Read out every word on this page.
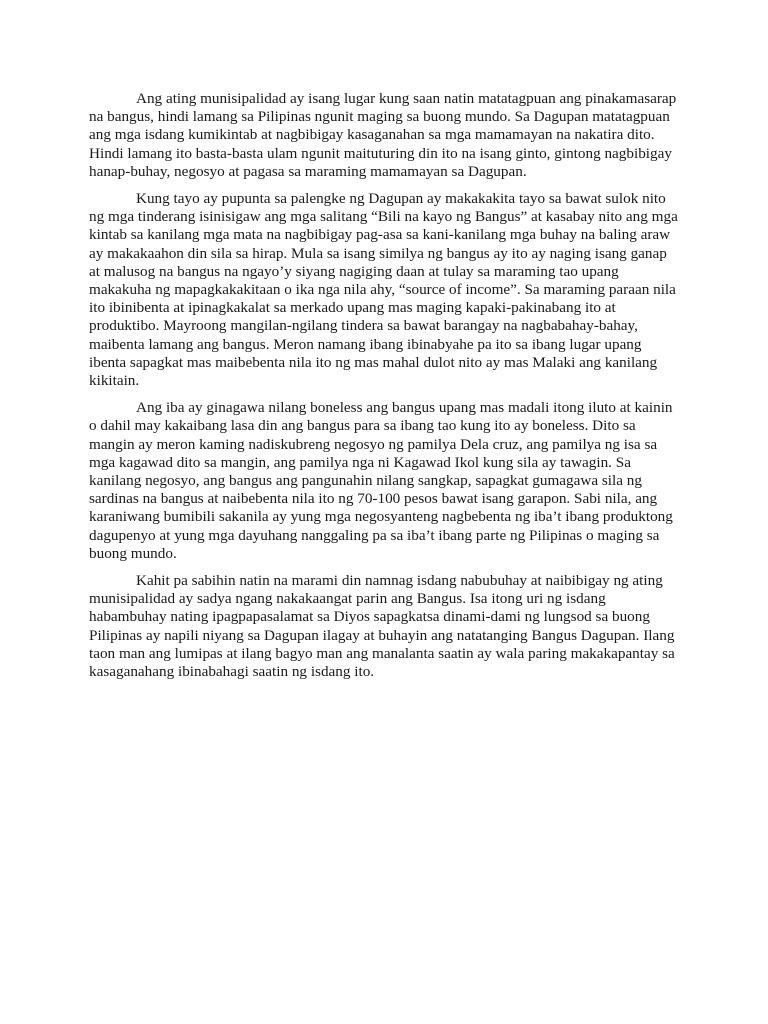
Ang ating munisipalidad ay isang lugar kung saan natin matatagpuan ang pinakamasarap
na bangus, hindi lamang sa Pilipinas ngunit maging sa buong mundo. Sa Dagupan matatagpuan
ang mga isdang kumikintab at nagbibigay kasaganahan sa mga mamamayan na nakatira dito.
Hindi lamang ito basta-basta ulam ngunit maituturing din ito na isang ginto, gintong nagbibigay
hanap-buhay, negosyo at pagasa sa maraming mamamayan sa Dagupan.

Kung tayo ay pupunta sa palengke ng Dagupan ay makakakita tayo sa bawat sulok nito
ng mga tinderang isinisigaw ang mga salitang “Bili na kayo ng Bangus” at kasabay nito ang mga
kintab sa kanilang mga mata na nagbibigay pag-asa sa kani-kanilang mga buhay na baling araw
ay makakaahon din sila sa hirap. Mula sa isang similya ng bangus ay ito ay naging isang ganap
at malusog na bangus na ngayo’y siyang nagiging daan at tulay sa maraming tao upang
makakuha ng mapagkakakitaan o ika nga nila ahy, “source of income”. Sa maraming paraan nila
ito ibinibenta at ipinagkakalat sa merkado upang mas maging kapaki-pakinabang ito at
produktibo. Mayroong mangilan-ngilang tindera sa bawat barangay na nagbabahay-bahay,
maibenta lamang ang bangus. Meron namang ibang ibinabyahe pa ito sa ibang lugar upang
ibenta sapagkat mas maibebenta nila ito ng mas mahal dulot nito ay mas Malaki ang kanilang
kikitain.

Ang iba ay ginagawa nilang boneless ang bangus upang mas madali itong iluto at kainin
o dahil may kakaibang lasa din ang bangus para sa ibang tao kung ito ay boneless. Dito sa
mangin ay meron kaming nadiskubreng negosyo ng pamilya Dela cruz, ang pamilya ng isa sa
mga kagawad dito sa mangin, ang pamilya nga ni Kagawad Ikol kung sila ay tawagin. Sa
kanilang negosyo, ang bangus ang pangunahin nilang sangkap, sapagkat gumagawa sila ng
sardinas na bangus at naibebenta nila ito ng 70-100 pesos bawat isang garapon. Sabi nila, ang
karaniwang bumibili sakanila ay yung mga negosyanteng nagbebenta ng iba’t ibang produktong
dagupenyo at yung mga dayuhang nanggaling pa sa iba’t ibang parte ng Pilipinas o maging sa
buong mundo.

Kahit pa sabihin natin na marami din namnag isdang nabubuhay at naibibigay ng ating
munisipalidad ay sadya ngang nakakaangat parin ang Bangus. Isa itong uri ng isdang
habambuhay nating ipagpapasalamat sa Diyos sapagkatsa dinami-dami ng lungsod sa buong
Pilipinas ay napili niyang sa Dagupan ilagay at buhayin ang natatanging Bangus Dagupan. Ilang
taon man ang lumipas at ilang bagyo man ang manalanta saatin ay wala paring makakapantay sa
kasaganahang ibinabahagi saatin ng isdang ito.
